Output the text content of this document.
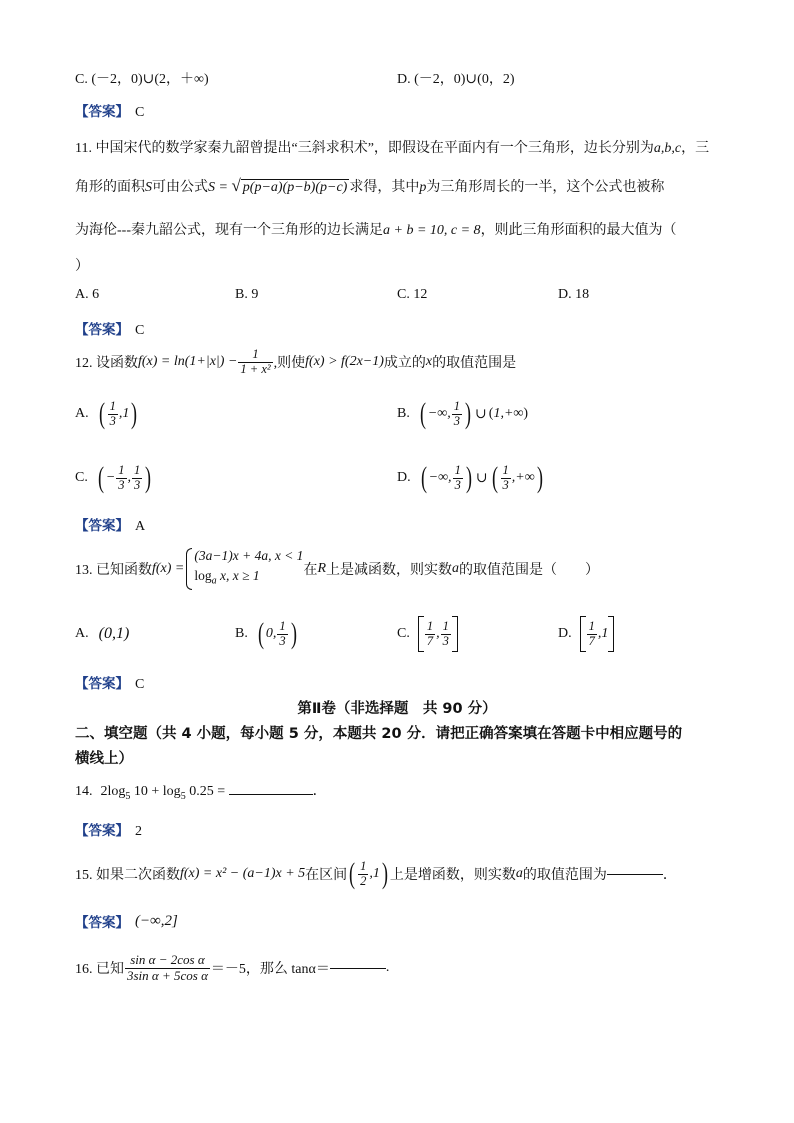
C. (－2，0)∪(2，＋∞)	D. (－2，0)∪(0，2)
【答案】 C
11. 中国宋代的数学家秦九韶曾提出“三斜求积术”，即假设在平面内有一个三角形，边长分别为a,b,c，三
角形的面积S可由公式S = √ p(p−a)(p−b)(p−c) 求得，其中p为三角形周长的一半，这个公式也被称
为海伦---秦九韶公式，现有一个三角形的边长满足a + b = 10, c = 8，则此三角形面积的最大值为（
）
A. 6	B. 9	C. 12	D. 18
【答案】 C
12. 设函数 $f(x) = \ln(1+|x|) - \frac{1}{\text{1 + x²}}$ ,则使 f(x) > f(2x−1) 成立的 x 的取值范围是
A. ( $\frac{1}{3}$ , 1 )	B. ( −∞, $\frac{1}{3}$ ) ∪ ( 1 , +∞ )
C. ( − $\frac{1}{3}$ , $\frac{1}{3}$ )	D. ( −∞, $\frac{1}{3}$ ) ∪ ( $\frac{1}{3}$ , +∞ )
【答案】 A
13. 已知函数 f(x) =
(3a−1)x + 4a, x < 1
$\log_a x$, x ≥ 1	在 R 上是减函数，则实数 a 的取值范围是（　　）
A. (0,1)	B. ( 0, $\frac{1}{3}$ )	C. $\frac{1}{7}$ , $\frac{1}{3}$	D. $\frac{1}{7} ,1$
【答案】 C
第Ⅱ卷（非选择题　共 90 分）
二、填空题（共 4 小题，每小题 5 分，本题共 20 分．请把正确答案填在答题卡中相应题号的
横线上）
14. $2\log_5$ $10 + \log_5 0.25$ =	．
【答案】 2
15. 如果二次函数 f(x) = x² − (a−1)x + 5 在区间 ( $\frac{1}{2} ,1$ ) 上是增函数，则实数 a 的取值范围为	．
【答案】 (−∞,2]
16. 已知 $\frac{\text{sin α − 2cos α}}{\text{3sin α + 5cos α}} =-5$，那么 tanα＝	.
